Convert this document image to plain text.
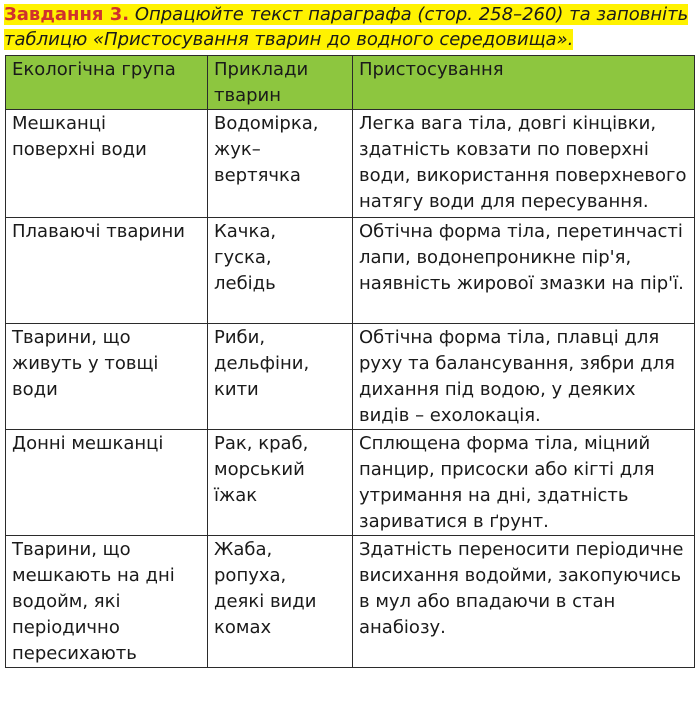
Завдання 3. Опрацюйте текст параграфа (стор. 258–260) та заповніть таблицю «Пристосування тварин до водного середовища».
Екологічна група	Приклади тварин	Пристосування

Мешканці
поверхні води	Водомірка,
жук–
вертячка	Легка вага тіла, довгі кінцівки, здатність ковзати по поверхні води, використання поверхневого натягу води для пересування.

Плаваючі тварини	Качка,
гуска,
лебідь	Обтічна форма тіла, перетинчасті лапи, водонепроникне пір'я, наявність жирової змазки на пір'ї.

Тварини, що
живуть у товщі
води	Риби,
дельфіни,
кити	Обтічна форма тіла, плавці для руху та балансування, зябри для дихання під водою, у деяких видів – ехолокація.

Донні мешканці	Рак, краб,
морський
їжак	Сплющена форма тіла, міцний панцир, присоски або кігті для утримання на дні, здатність зариватися в ґрунт.

Тварини, що
мешкають на дні
водойм, які
періодично
пересихають	Жаба,
ропуха,
деякі види
комах	Здатність переносити періодичне висихання водойми, закопуючись в мул або впадаючи в стан анабіозу.
